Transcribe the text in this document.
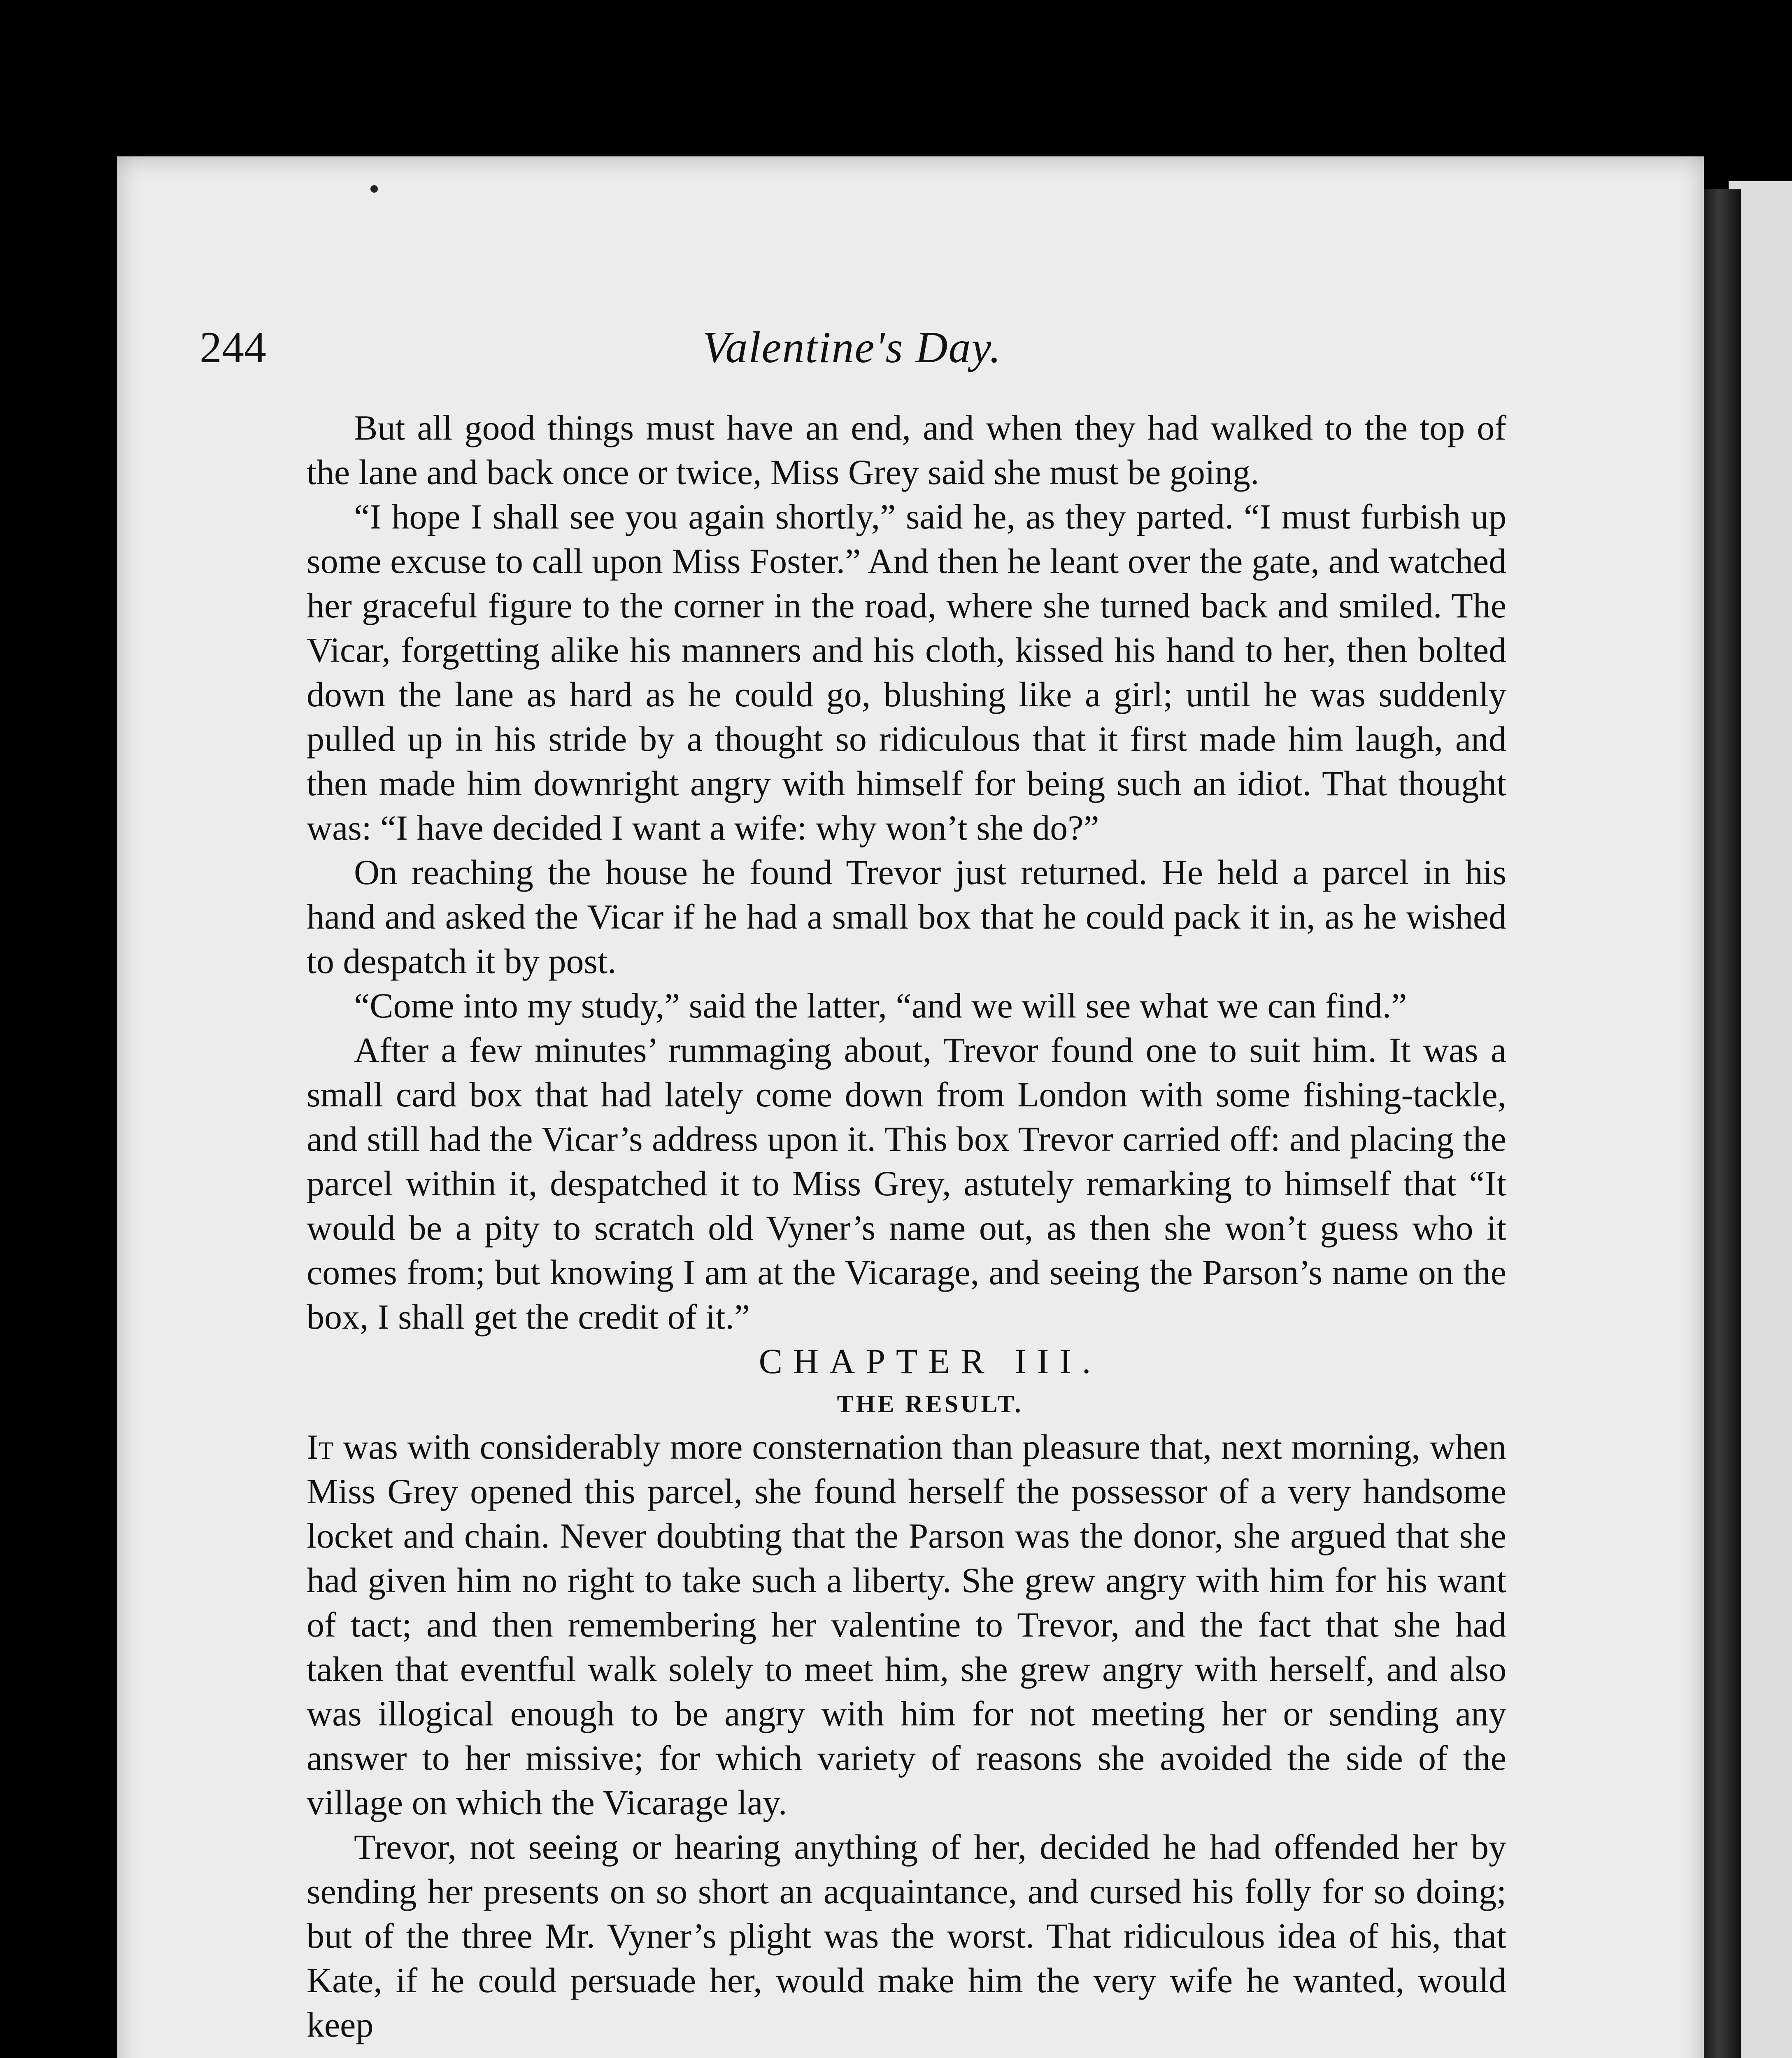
244	Valentine's Day.

But all good things must have an end, and when they had walked to the top of the lane and back once or twice, Miss Grey said she must be going.

“I hope I shall see you again shortly,” said he, as they parted. “I must furbish up some excuse to call upon Miss Foster.” And then he leant over the gate, and watched her graceful figure to the corner in the road, where she turned back and smiled. The Vicar, forgetting alike his manners and his cloth, kissed his hand to her, then bolted down the lane as hard as he could go, blushing like a girl; until he was suddenly pulled up in his stride by a thought so ridiculous that it first made him laugh, and then made him downright angry with himself for being such an idiot. That thought was: “I have decided I want a wife: why won’t she do?”

On reaching the house he found Trevor just returned. He held a parcel in his hand and asked the Vicar if he had a small box that he could pack it in, as he wished to despatch it by post.

“Come into my study,” said the latter, “and we will see what we can find.”

After a few minutes’ rummaging about, Trevor found one to suit him. It was a small card box that had lately come down from London with some fishing-tackle, and still had the Vicar’s address upon it. This box Trevor carried off: and placing the parcel within it, despatched it to Miss Grey, astutely remarking to himself that “It would be a pity to scratch old Vyner’s name out, as then she won’t guess who it comes from; but knowing I am at the Vicarage, and seeing the Parson’s name on the box, I shall get the credit of it.”

CHAPTER III.

THE RESULT.

It was with considerably more consternation than pleasure that, next morning, when Miss Grey opened this parcel, she found herself the possessor of a very handsome locket and chain. Never doubting that the Parson was the donor, she argued that she had given him no right to take such a liberty. She grew angry with him for his want of tact; and then remembering her valentine to Trevor, and the fact that she had taken that eventful walk solely to meet him, she grew angry with herself, and also was illogical enough to be angry with him for not meeting her or sending any answer to her missive; for which variety of reasons she avoided the side of the village on which the Vicarage lay.

Trevor, not seeing or hearing anything of her, decided he had offended her by sending her presents on so short an acquaintance, and cursed his folly for so doing; but of the three Mr. Vyner’s plight was the worst. That ridiculous idea of his, that Kate, if he could persuade her, would make him the very wife he wanted, would keep
